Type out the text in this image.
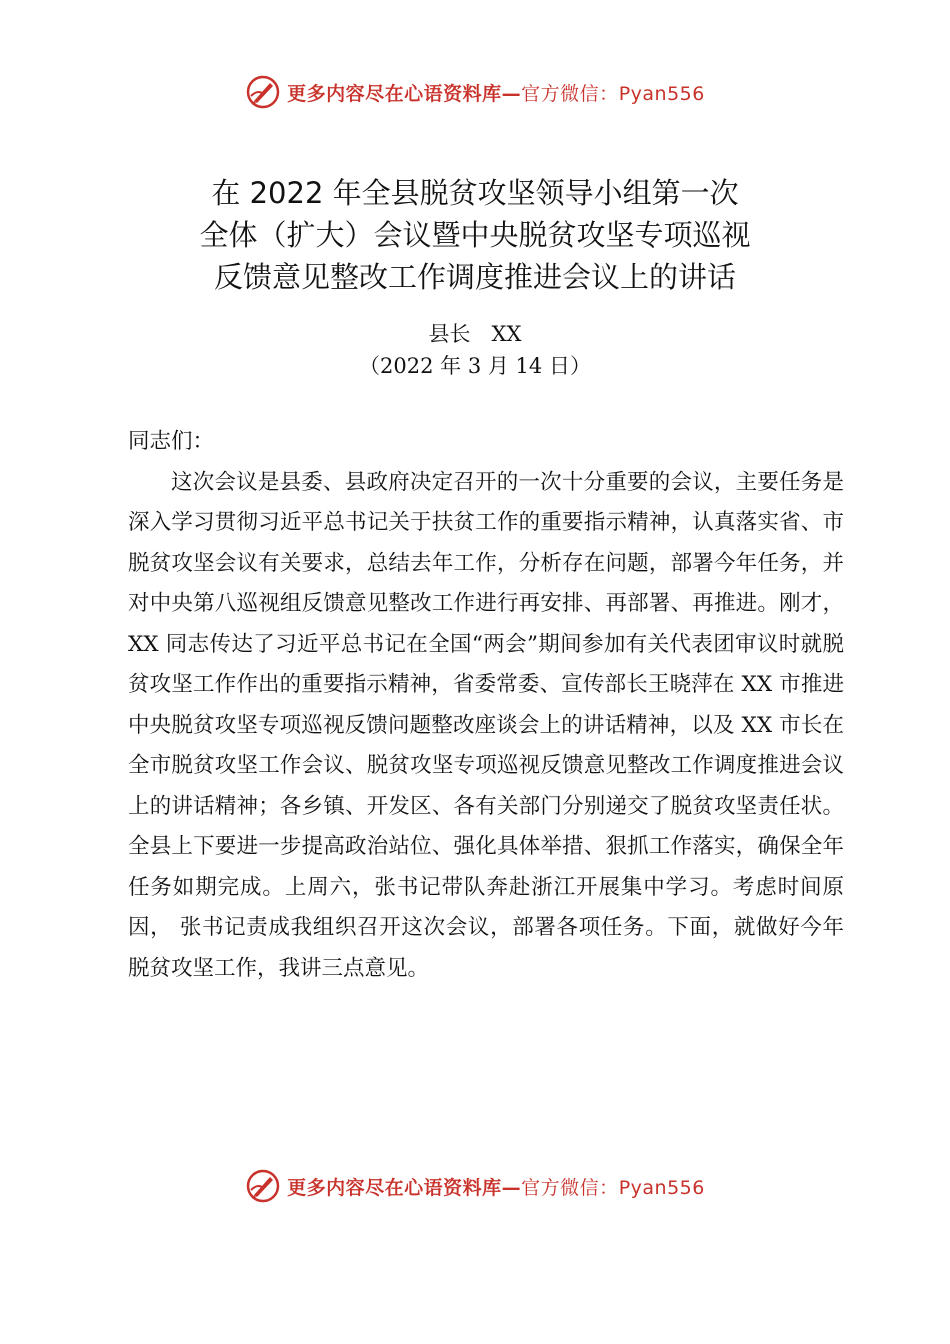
更多内容尽在心语资料库—官方微信：Pyan556
在 2022 年全县脱贫攻坚领导小组第一次
全体（扩大）会议暨中央脱贫攻坚专项巡视
反馈意见整改工作调度推进会议上的讲话
县长　XX
（2022 年 3 月 14 日）

同志们：

这次会议是县委、县政府决定召开的一次十分重要的会议，主要任务是深入学习贯彻习近平总书记关于扶贫工作的重要指示精神，认真落实省、市脱贫攻坚会议有关要求，总结去年工作，分析存在问题，部署今年任务，并对中央第八巡视组反馈意见整改工作进行再安排、再部署、再推进。刚才，XX 同志传达了习近平总书记在全国“两会”期间参加有关代表团审议时就脱贫攻坚工作作出的重要指示精神，省委常委、宣传部长王晓萍在 XX 市推进中央脱贫攻坚专项巡视反馈问题整改座谈会上的讲话精神，以及 XX 市长在全市脱贫攻坚工作会议、脱贫攻坚专项巡视反馈意见整改工作调度推进会议上的讲话精神；各乡镇、开发区、各有关部门分别递交了脱贫攻坚责任状。全县上下要进一步提高政治站位、强化具体举措、狠抓工作落实，确保全年任务如期完成。上周六，张书记带队奔赴浙江开展集中学习。考虑时间原因， 张书记责成我组织召开这次会议，部署各项任务。下面，就做好今年脱贫攻坚工作，我讲三点意见。

更多内容尽在心语资料库—官方微信：Pyan556
